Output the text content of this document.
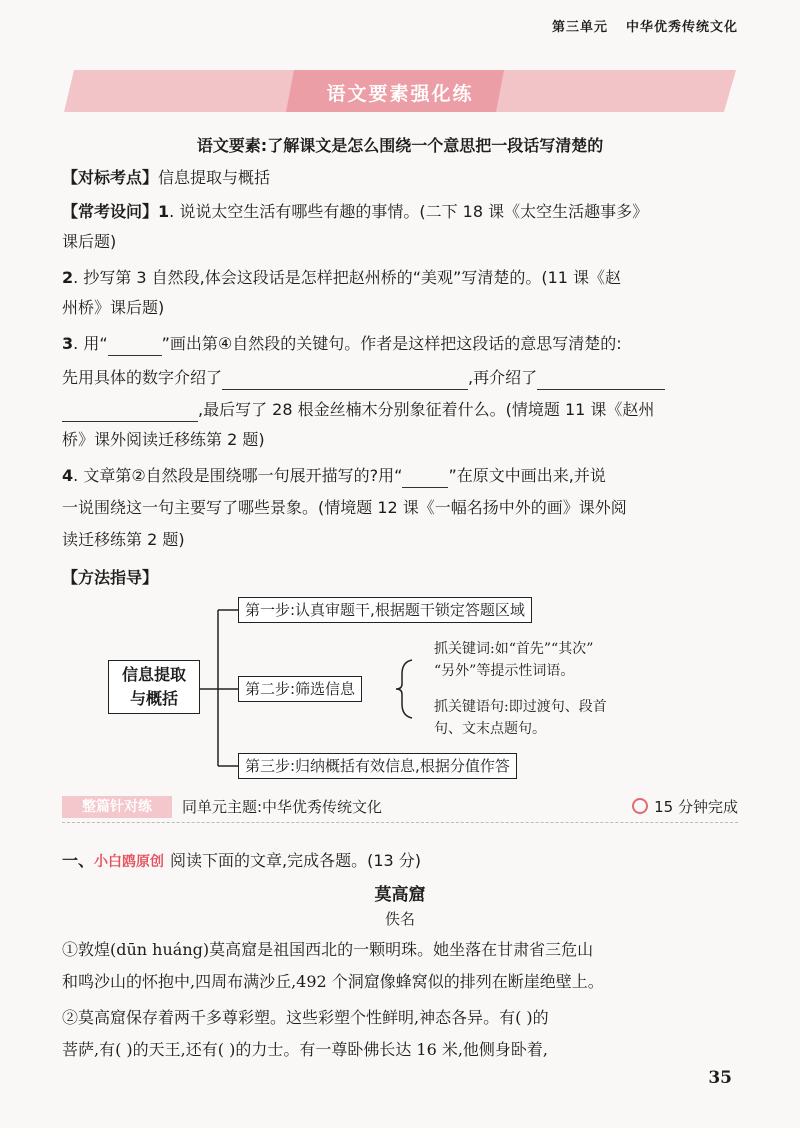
第三单元 中华优秀传统文化
语文要素强化练
语文要素:了解课文是怎么围绕一个意思把一段话写清楚的
【对标考点】信息提取与概括
【常考设问】1. 说说太空生活有哪些有趣的事情。(二下 18 课《太空生活趣事多》
课后题)
2. 抄写第 3 自然段,体会这段话是怎样把赵州桥的“美观”写清楚的。(11 课《赵
州桥》课后题)
3. 用“	”画出第④自然段的关键句。作者是这样把这段话的意思写清楚的:
先用具体的数字介绍了	,再介绍了
,最后写了 28 根金丝楠木分别象征着什么。(情境题 11 课《赵州
桥》课外阅读迁移练第 2 题)
4. 文章第②自然段是围绕哪一句展开描写的?用“	”在原文中画出来,并说
一说围绕这一句主要写了哪些景象。(情境题 12 课《一幅名扬中外的画》课外阅
读迁移练第 2 题)
【方法指导】
信息提取
与概括
第一步:认真审题干,根据题干锁定答题区域
第二步:筛选信息
第三步:归纳概括有效信息,根据分值作答
抓关键词:如“首先”“其次”
“另外”等提示性词语。
抓关键语句:即过渡句、段首
句、文末点题句。
整篇针对练	同单元主题:中华优秀传统文化	15 分钟完成
一、小白鸥原创 阅读下面的文章,完成各题。(13 分)
莫高窟
佚名
①敦煌(dūn huáng)莫高窟是祖国西北的一颗明珠。她坐落在甘肃省三危山
和鸣沙山的怀抱中,四周布满沙丘,492 个洞窟像蜂窝似的排列在断崖绝壁上。
②莫高窟保存着两千多尊彩塑。这些彩塑个性鲜明,神态各异。有( )的
菩萨,有( )的天王,还有( )的力士。有一尊卧佛长达 16 米,他侧身卧着,
35
